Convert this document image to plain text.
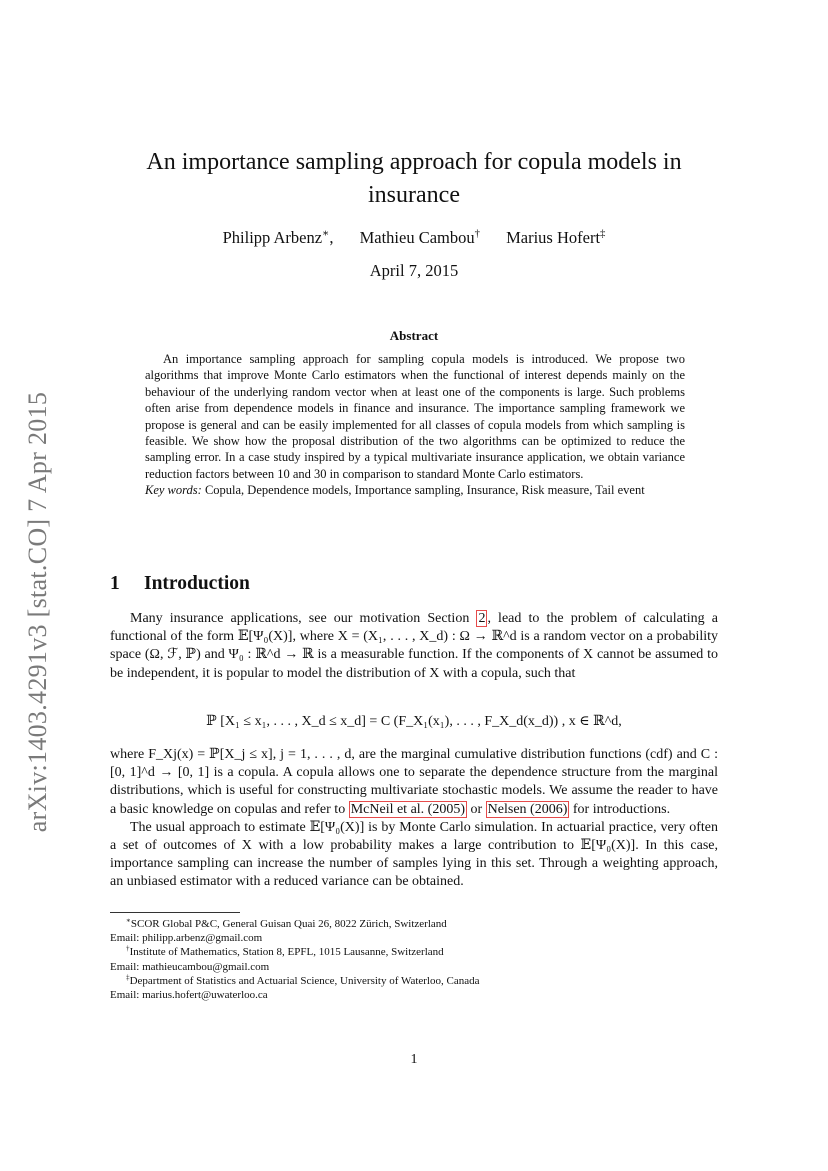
arXiv:1403.4291v3 [stat.CO] 7 Apr 2015
An importance sampling approach for copula models in insurance
Philipp Arbenz∗, Mathieu Cambou† Marius Hofert‡
April 7, 2015
Abstract

An importance sampling approach for sampling copula models is introduced. We propose two algorithms that improve Monte Carlo estimators when the functional of interest depends mainly on the behaviour of the underlying random vector when at least one of the components is large. Such problems often arise from dependence models in finance and insurance. The importance sampling framework we propose is general and can be easily implemented for all classes of copula models from which sampling is feasible. We show how the proposal distribution of the two algorithms can be optimized to reduce the sampling error. In a case study inspired by a typical multivariate insurance application, we obtain variance reduction factors between 10 and 30 in comparison to standard Monte Carlo estimators.

Key words: Copula, Dependence models, Importance sampling, Insurance, Risk measure, Tail event

1 Introduction

Many insurance applications, see our motivation Section 2 , lead to the problem of calculating a functional of the form 𝔼[Ψ₀(X)], where X = (X₁, . . . , X_d) : Ω → ℝ^d is a random vector on a probability space (Ω, ℱ, ℙ) and Ψ₀ : ℝ^d → ℝ is a measurable function. If the components of X cannot be assumed to be independent, it is popular to model the distribution of X with a copula, such that

ℙ [X₁ ≤ x₁, . . . , X_d ≤ x_d] = C (F_X₁(x₁), . . . , F_X_d(x_d)) , x ∈ ℝ^d,

where F_Xj(x) = ℙ[X_j ≤ x], j = 1, . . . , d, are the marginal cumulative distribution functions (cdf) and C : [0, 1]^d → [0, 1] is a copula. A copula allows one to separate the dependence structure from the marginal distributions, which is useful for constructing multivariate stochastic models. We assume the reader to have a basic knowledge on copulas and refer to McNeil et al. (2005) or Nelsen (2006) for introductions.

The usual approach to estimate 𝔼[Ψ₀(X)] is by Monte Carlo simulation. In actuarial practice, very often a set of outcomes of X with a low probability makes a large contribution to 𝔼[Ψ₀(X)]. In this case, importance sampling can increase the number of samples lying in this set. Through a weighting approach, an unbiased estimator with a reduced variance can be obtained.

∗SCOR Global P&C, General Guisan Quai 26, 8022 Zürich, Switzerland

Email: philipp.arbenz@gmail.com

†Institute of Mathematics, Station 8, EPFL, 1015 Lausanne, Switzerland

Email: mathieucambou@gmail.com

‡Department of Statistics and Actuarial Science, University of Waterloo, Canada

Email: marius.hofert@uwaterloo.ca

1
